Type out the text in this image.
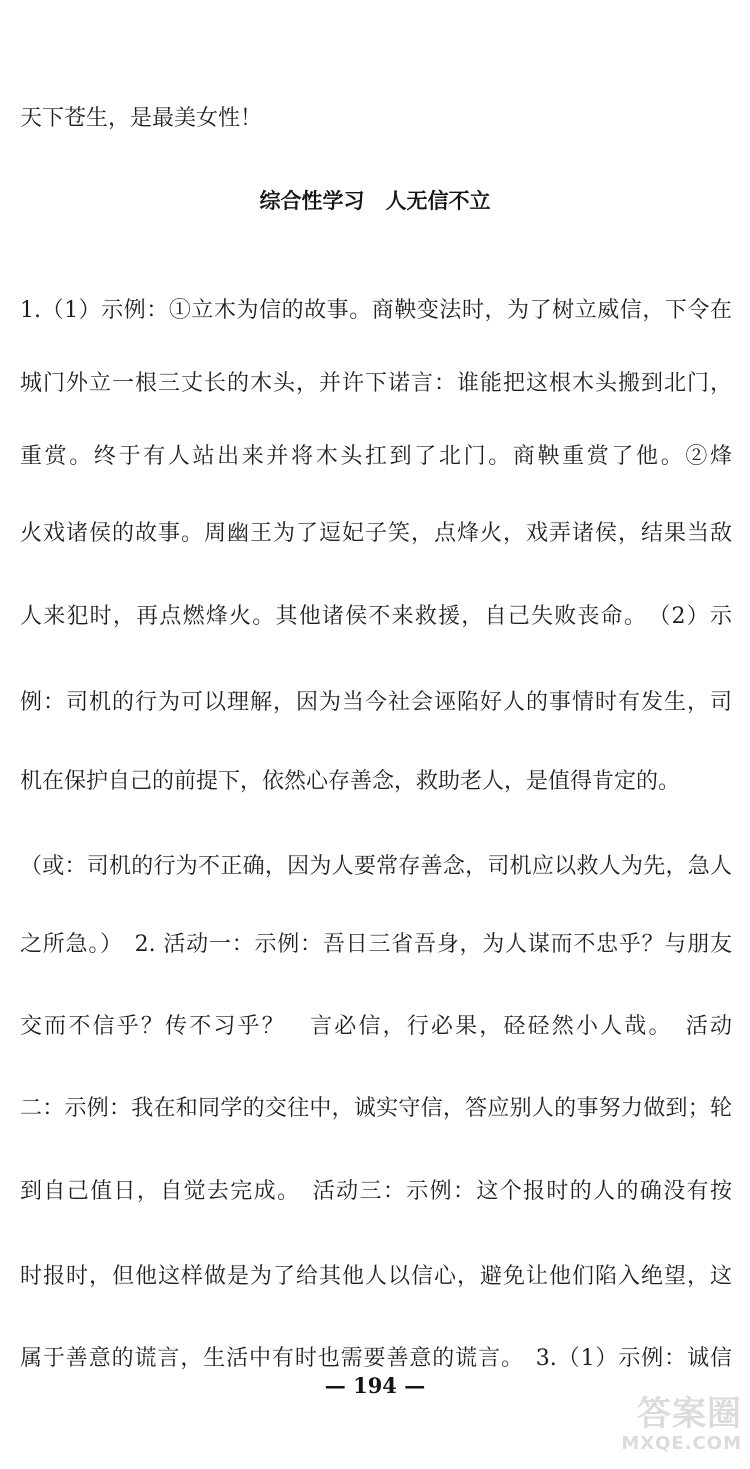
天下苍生，是最美女性！
综合性学习　人无信不立
1.（1）示例：①立木为信的故事。商鞅变法时，为了树立威信，下令在
城门外立一根三丈长的木头，并许下诺言：谁能把这根木头搬到北门，
重赏。终于有人站出来并将木头扛到了北门。商鞅重赏了他。②烽
火戏诸侯的故事。周幽王为了逗妃子笑，点烽火，戏弄诸侯，结果当敌
人来犯时，再点燃烽火。其他诸侯不来救援，自己失败丧命。　（2）示
例：司机的行为可以理解，因为当今社会诬陷好人的事情时有发生，司
机在保护自己的前提下，依然心存善念，救助老人，是值得肯定的。
（或：司机的行为不正确，因为人要常存善念，司机应以救人为先，急人
之所急。）　2. 活动一：示例：吾日三省吾身，为人谋而不忠乎？与朋友
交而不信乎？传不习乎？　言必信，行必果，硁硁然小人哉。　活动
二：示例：我在和同学的交往中，诚实守信，答应别人的事努力做到；轮
到自己值日，自觉去完成。　活动三：示例：这个报时的人的确没有按
时报时，但他这样做是为了给其他人以信心，避免让他们陷入绝望，这
属于善意的谎言，生活中有时也需要善意的谎言。　3.（1）示例：诚信
— 194 —
答案圈
MXQE.COM
